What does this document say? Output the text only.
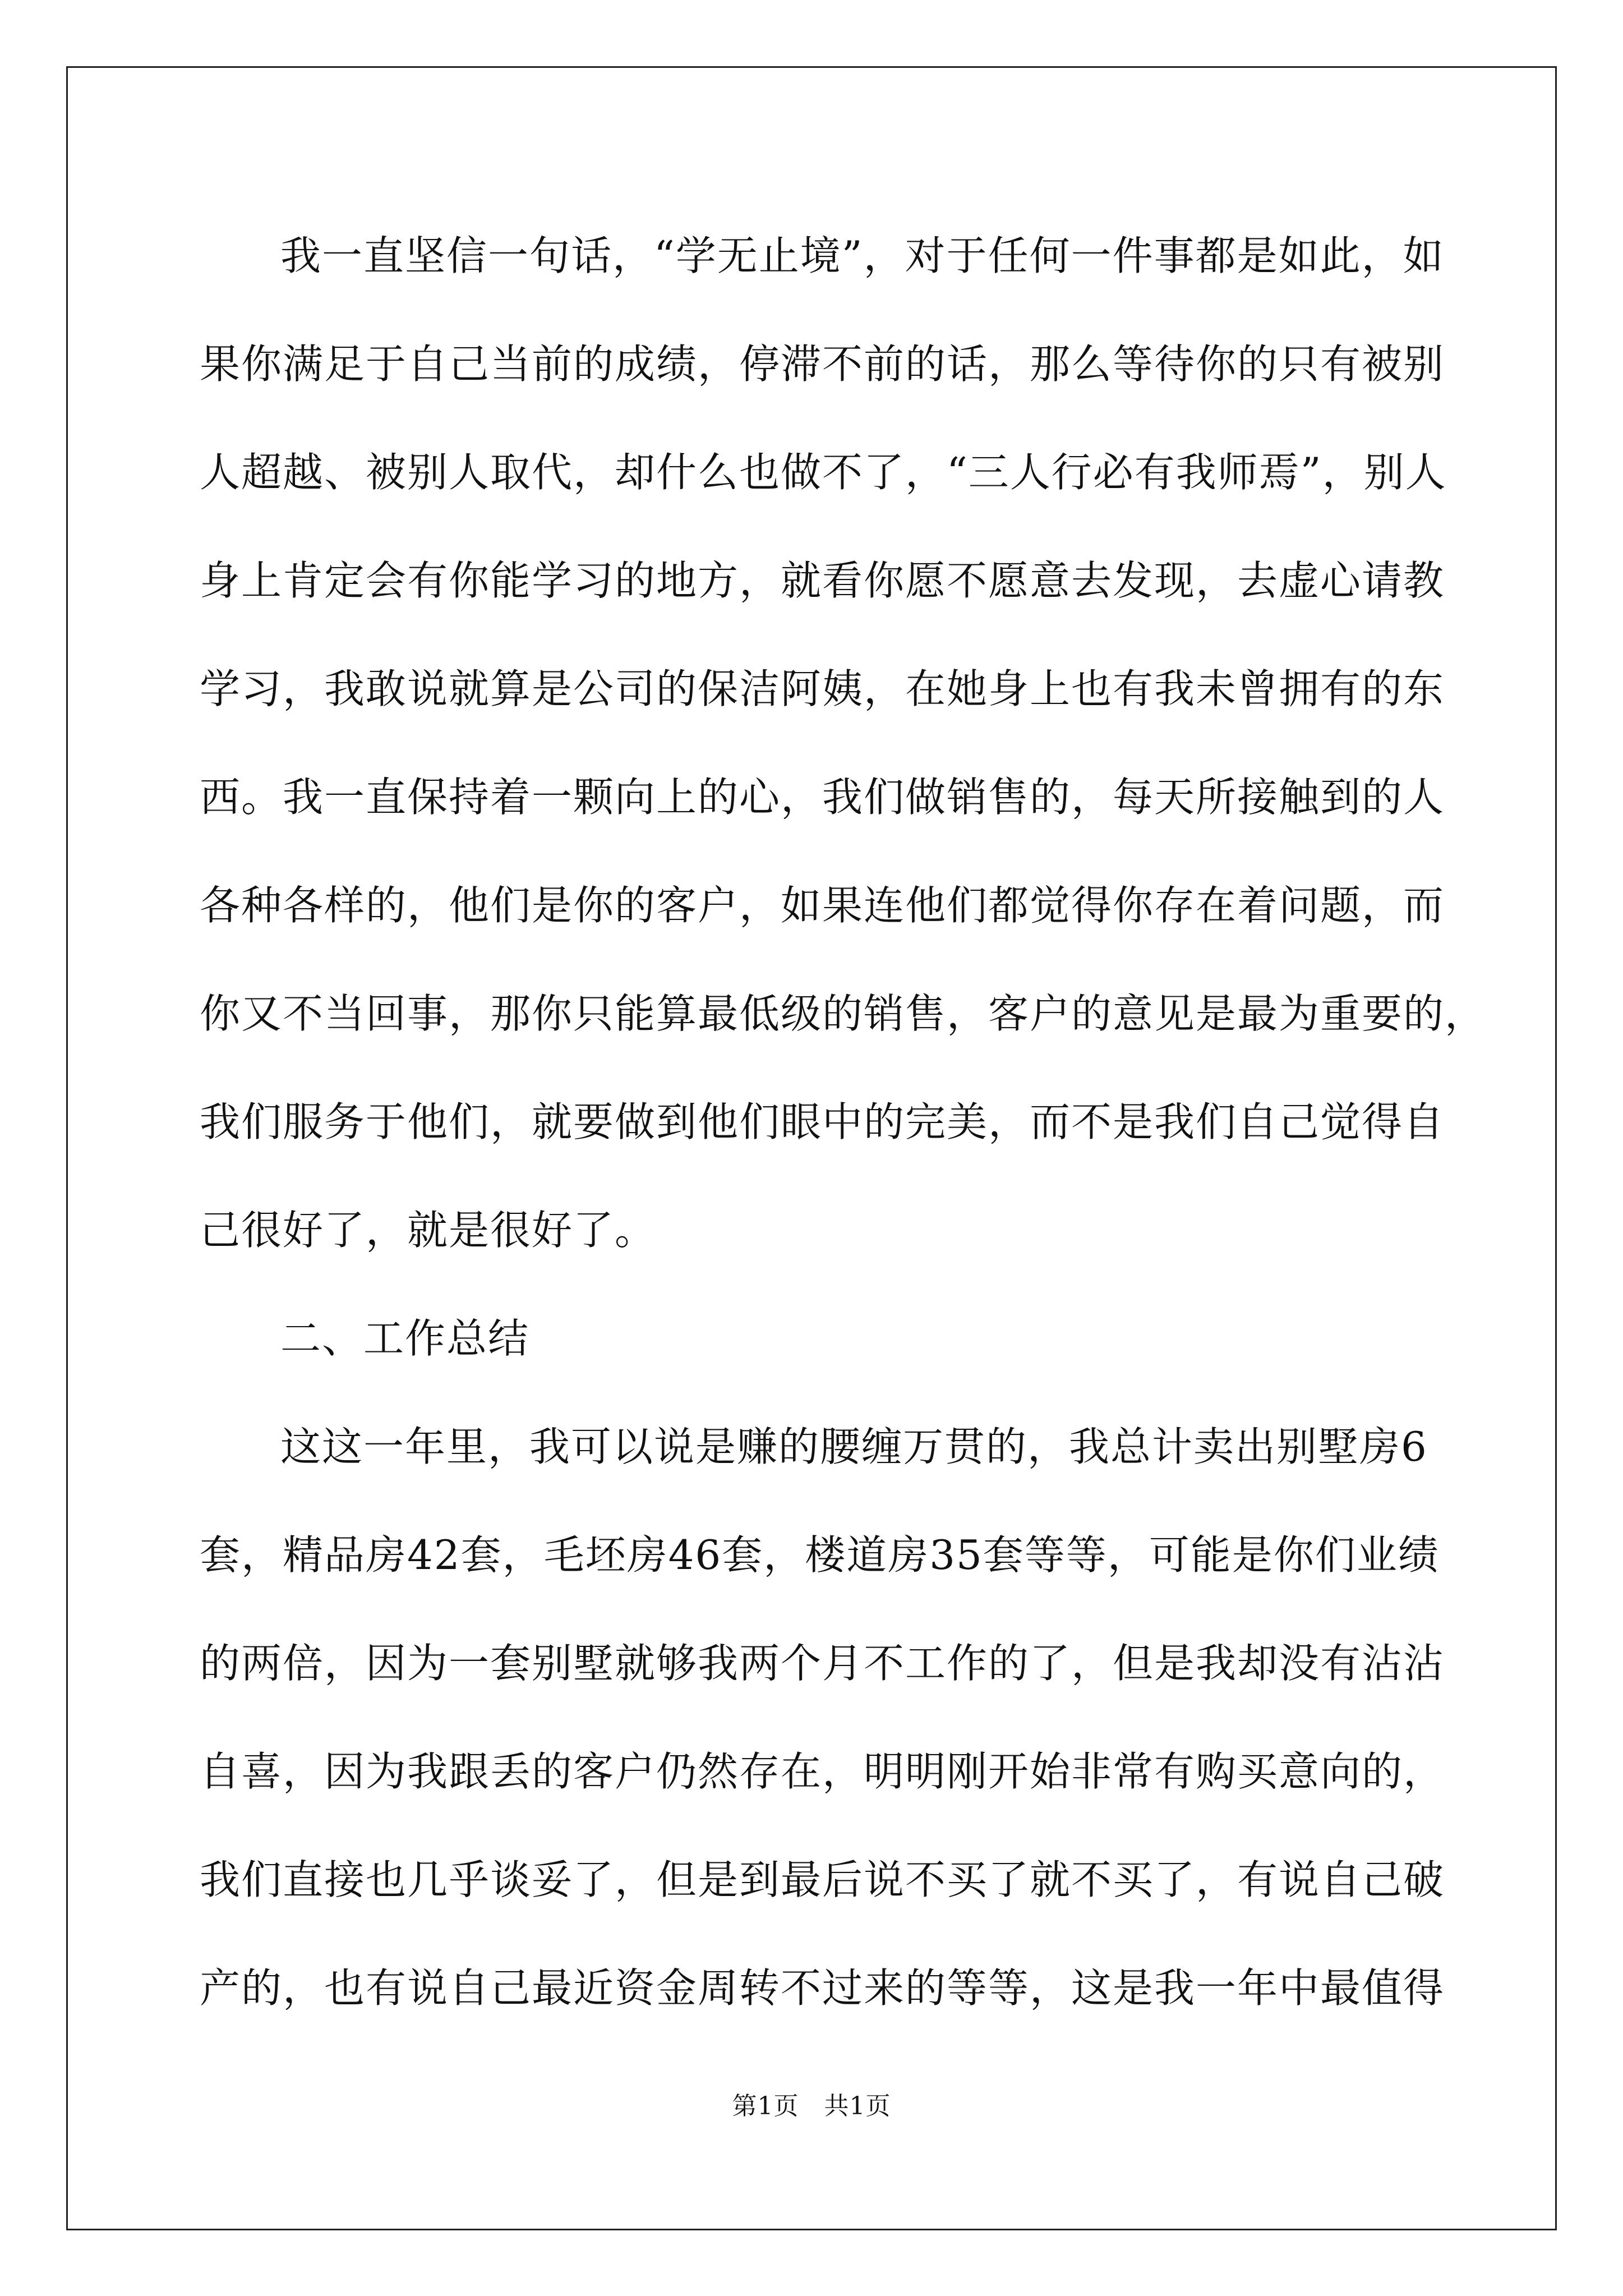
我一直坚信一句话，“学无止境”，对于任何一件事都是如此，如
果你满足于自己当前的成绩，停滞不前的话，那么等待你的只有被别
人超越、被别人取代，却什么也做不了，“三人行必有我师焉”，别人
身上肯定会有你能学习的地方，就看你愿不愿意去发现，去虚心请教
学习，我敢说就算是公司的保洁阿姨，在她身上也有我未曾拥有的东
西。我一直保持着一颗向上的心，我们做销售的，每天所接触到的人
各种各样的，他们是你的客户，如果连他们都觉得你存在着问题，而
你又不当回事，那你只能算最低级的销售，客户的意见是最为重要的，
我们服务于他们，就要做到他们眼中的完美，而不是我们自己觉得自
己很好了，就是很好了。
二、工作总结
这这一年里，我可以说是赚的腰缠万贯的，我总计卖出别墅房6
套，精品房42套，毛坯房46套，楼道房35套等等，可能是你们业绩
的两倍，因为一套别墅就够我两个月不工作的了，但是我却没有沾沾
自喜，因为我跟丢的客户仍然存在，明明刚开始非常有购买意向的，
我们直接也几乎谈妥了，但是到最后说不买了就不买了，有说自己破
产的，也有说自己最近资金周转不过来的等等，这是我一年中最值得
第1页　共1页
